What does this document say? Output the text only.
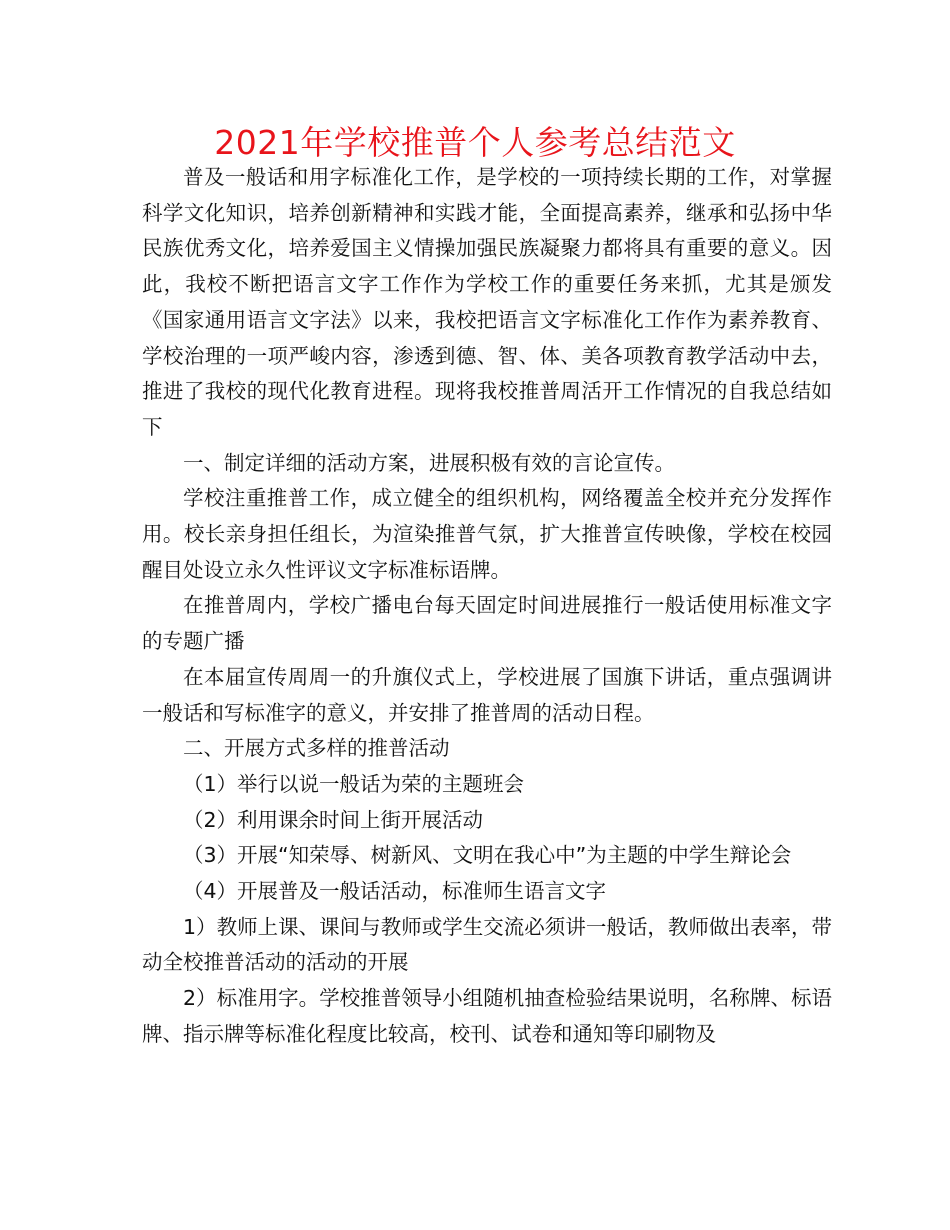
2021年学校推普个人参考总结范文

普及一般话和用字标准化工作，是学校的一项持续长期的工作，对掌握科学文化知识，培养创新精神和实践才能，全面提高素养，继承和弘扬中华民族优秀文化，培养爱国主义情操加强民族凝聚力都将具有重要的意义。因此，我校不断把语言文字工作作为学校工作的重要任务来抓，尤其是颁发《国家通用语言文字法》以来，我校把语言文字标准化工作作为素养教育、学校治理的一项严峻内容，渗透到德、智、体、美各项教育教学活动中去，推进了我校的现代化教育进程。现将我校推普周活开工作情况的自我总结如下

一、制定详细的活动方案，进展积极有效的言论宣传。

学校注重推普工作，成立健全的组织机构，网络覆盖全校并充分发挥作用。校长亲身担任组长，为渲染推普气氛，扩大推普宣传映像，学校在校园醒目处设立永久性评议文字标准标语牌。

在推普周内，学校广播电台每天固定时间进展推行一般话使用标准文字的专题广播

在本届宣传周周一的升旗仪式上，学校进展了国旗下讲话，重点强调讲一般话和写标准字的意义，并安排了推普周的活动日程。

二、开展方式多样的推普活动

（1）举行以说一般话为荣的主题班会

（2）利用课余时间上街开展活动

（3）开展“知荣辱、树新风、文明在我心中”为主题的中学生辩论会

（4）开展普及一般话活动，标准师生语言文字

1）教师上课、课间与教师或学生交流必须讲一般话，教师做出表率，带动全校推普活动的活动的开展

2）标准用字。学校推普领导小组随机抽查检验结果说明，名称牌、标语牌、指示牌等标准化程度比较高，校刊、试卷和通知等印刷物及
